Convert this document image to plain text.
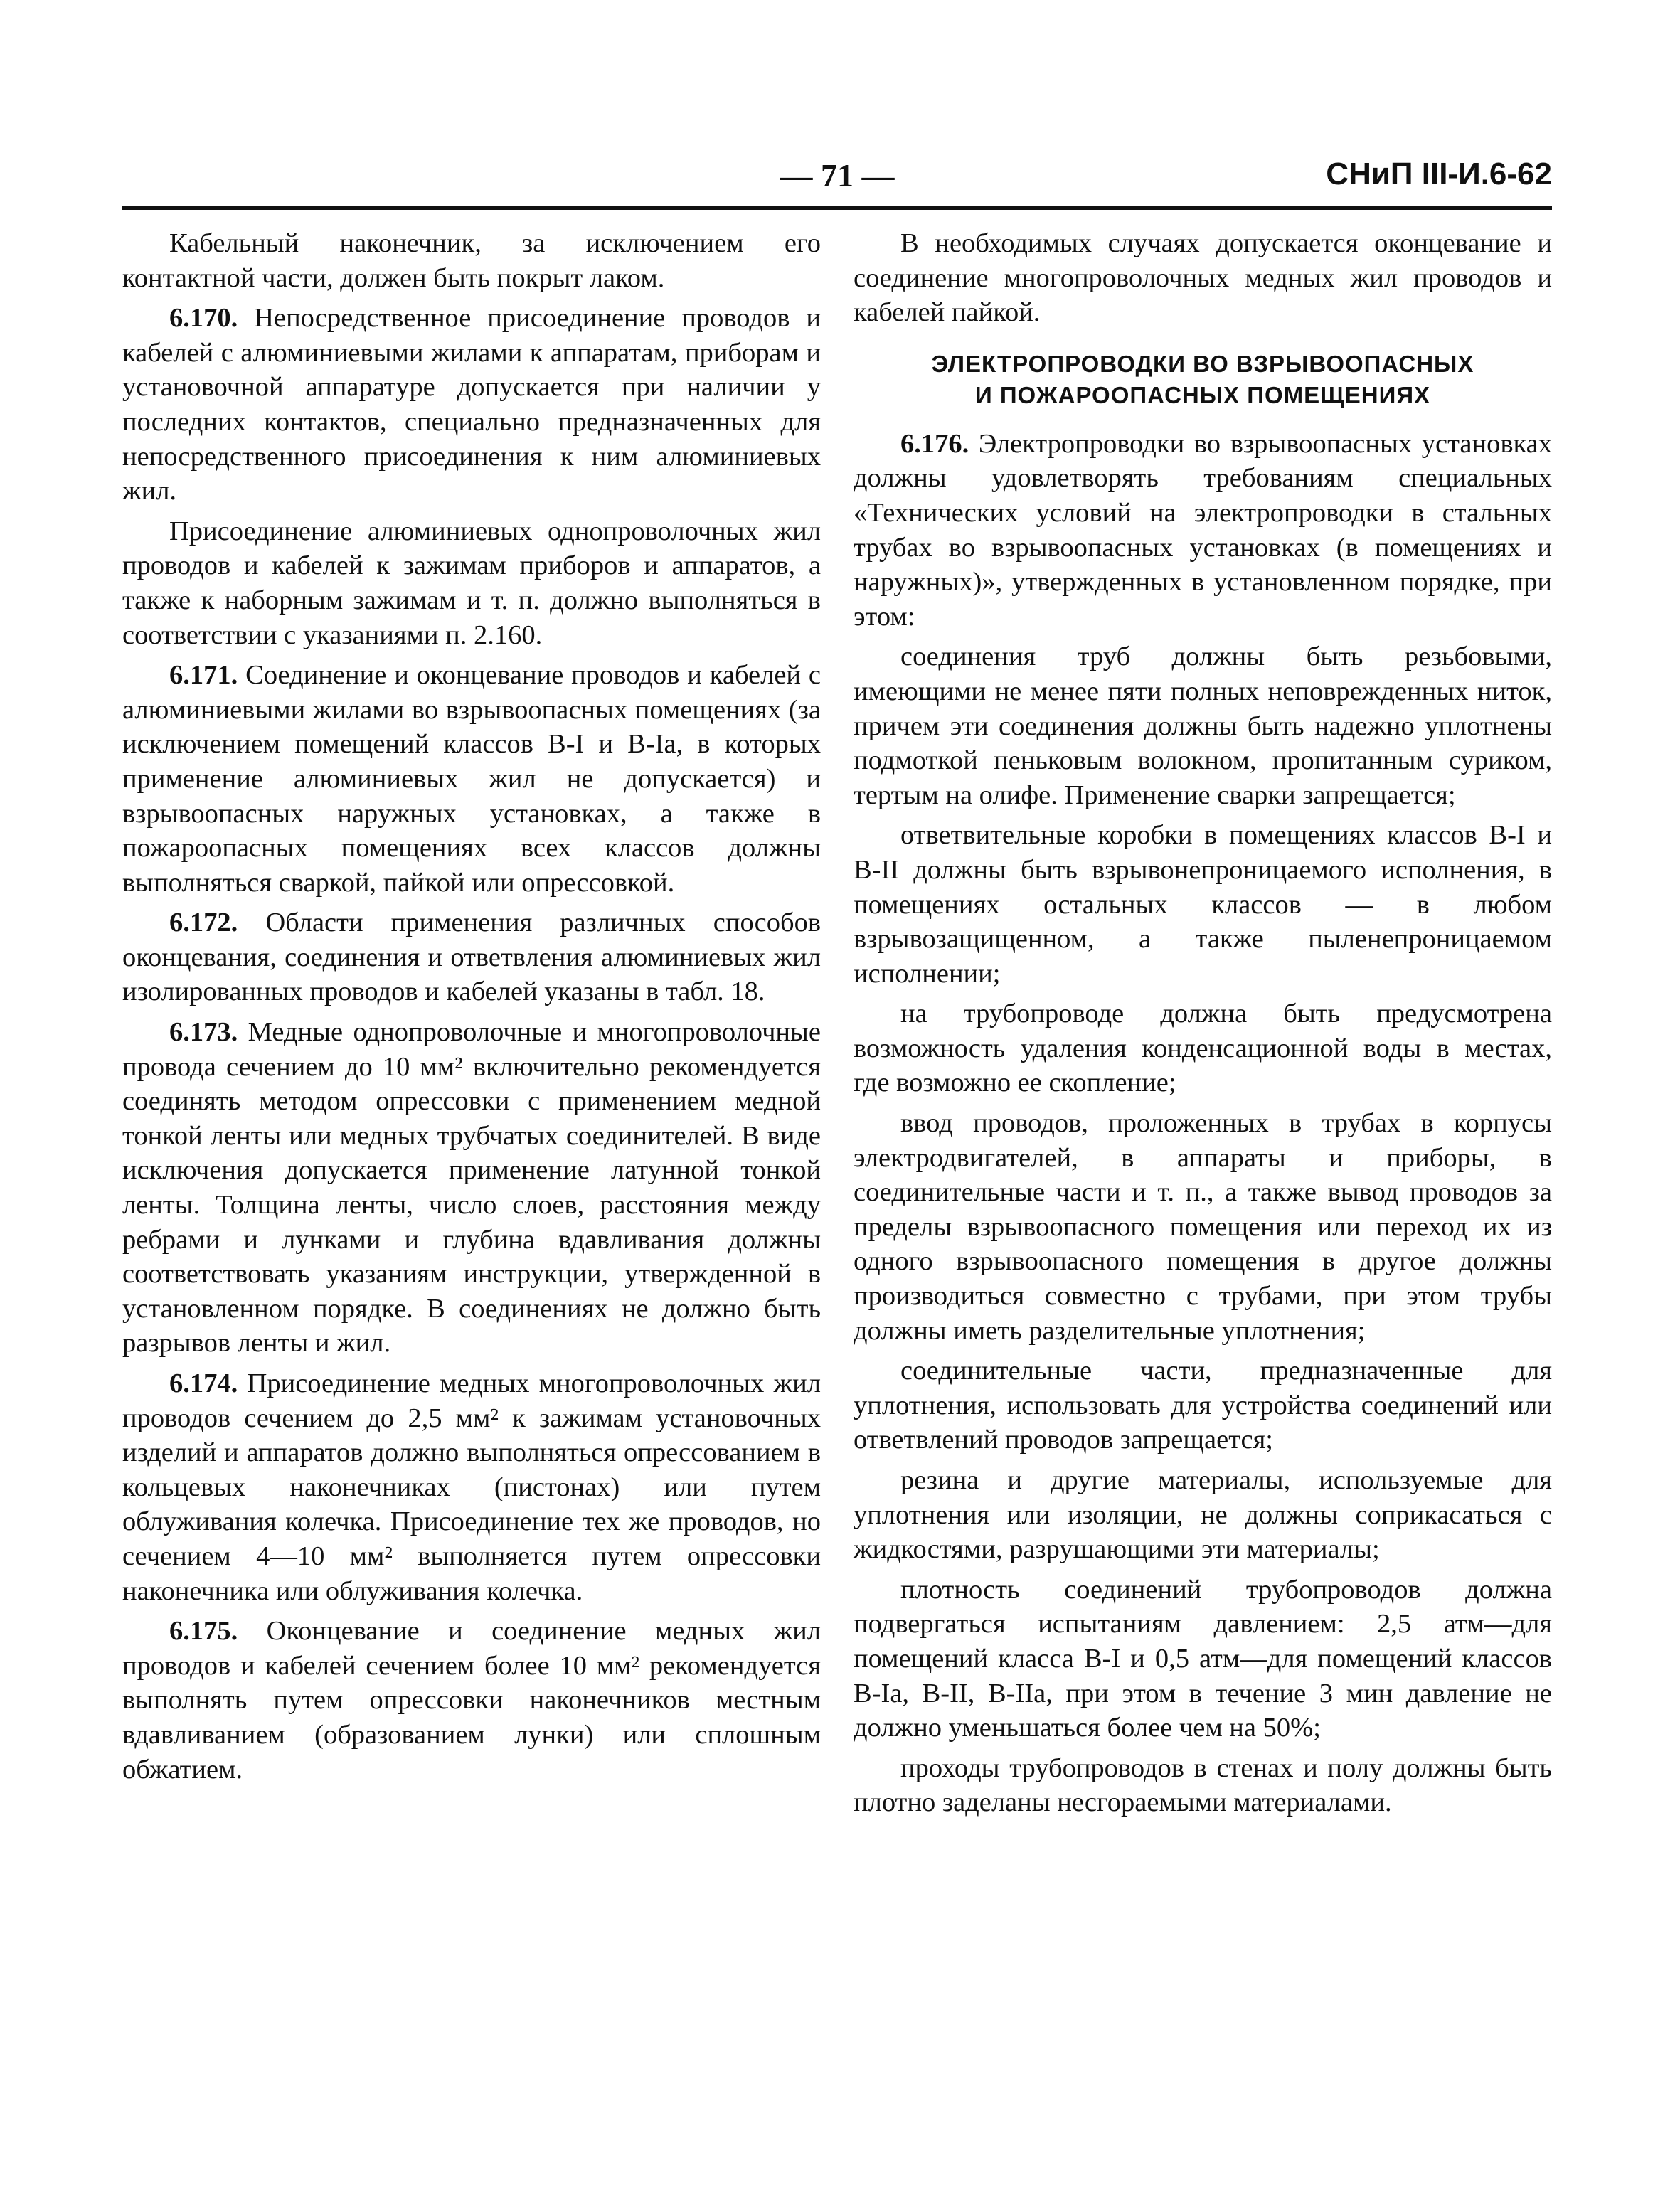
— 71 —	СНиП III-И.6-62

Кабельный наконечник, за исключением его контактной части, должен быть покрыт лаком.

6.170. Непосредственное присоединение проводов и кабелей с алюминиевыми жилами к аппаратам, приборам и установочной аппаратуре допускается при наличии у последних контактов, специально предназначенных для непосредственного присоединения к ним алюминиевых жил.

Присоединение алюминиевых однопроволочных жил проводов и кабелей к зажимам приборов и аппаратов, а также к наборным зажимам и т. п. должно выполняться в соответствии с указаниями п. 2.160.

6.171. Соединение и оконцевание проводов и кабелей с алюминиевыми жилами во взрывоопасных помещениях (за исключением помещений классов В-I и В-Iа, в которых применение алюминиевых жил не допускается) и взрывоопасных наружных установках, а также в пожароопасных помещениях всех классов должны выполняться сваркой, пайкой или опрессовкой.

6.172. Области применения различных способов оконцевания, соединения и ответвления алюминиевых жил изолированных проводов и кабелей указаны в табл. 18.

6.173. Медные однопроволочные и многопроволочные провода сечением до 10 мм² включительно рекомендуется соединять методом опрессовки с применением медной тонкой ленты или медных трубчатых соединителей. В виде исключения допускается применение латунной тонкой ленты. Толщина ленты, число слоев, расстояния между ребрами и лунками и глубина вдавливания должны соответствовать указаниям инструкции, утвержденной в установленном порядке. В соединениях не должно быть разрывов ленты и жил.

6.174. Присоединение медных многопроволочных жил проводов сечением до 2,5 мм² к зажимам установочных изделий и аппаратов должно выполняться опрессованием в кольцевых наконечниках (пистонах) или путем облуживания колечка. Присоединение тех же проводов, но сечением 4—10 мм² выполняется путем опрессовки наконечника или облуживания колечка.

6.175. Оконцевание и соединение медных жил проводов и кабелей сечением более 10 мм² рекомендуется выполнять путем опрессовки наконечников местным вдавливанием (образованием лунки) или сплошным обжатием.

В необходимых случаях допускается оконцевание и соединение многопроволочных медных жил проводов и кабелей пайкой.

ЭЛЕКТРОПРОВОДКИ ВО ВЗРЫВООПАСНЫХ
И ПОЖАРООПАСНЫХ ПОМЕЩЕНИЯХ

6.176. Электропроводки во взрывоопасных установках должны удовлетворять требованиям специальных «Технических условий на электропроводки в стальных трубах во взрывоопасных установках (в помещениях и наружных)», утвержденных в установленном порядке, при этом:

соединения труб должны быть резьбовыми, имеющими не менее пяти полных неповрежденных ниток, причем эти соединения должны быть надежно уплотнены подмоткой пеньковым волокном, пропитанным суриком, тертым на олифе. Применение сварки запрещается;

ответвительные коробки в помещениях классов В-I и В-II должны быть взрывонепроницаемого исполнения, в помещениях остальных классов — в любом взрывозащищенном, а также пыленепроницаемом исполнении;

на трубопроводе должна быть предусмотрена возможность удаления конденсационной воды в местах, где возможно ее скопление;

ввод проводов, проложенных в трубах в корпусы электродвигателей, в аппараты и приборы, в соединительные части и т. п., а также вывод проводов за пределы взрывоопасного помещения или переход их из одного взрывоопасного помещения в другое должны производиться совместно с трубами, при этом трубы должны иметь разделительные уплотнения;

соединительные части, предназначенные для уплотнения, использовать для устройства соединений или ответвлений проводов запрещается;

резина и другие материалы, используемые для уплотнения или изоляции, не должны соприкасаться с жидкостями, разрушающими эти материалы;

плотность соединений трубопроводов должна подвергаться испытаниям давлением: 2,5 атм—для помещений класса В-I и 0,5 атм—для помещений классов В-Iа, В-II, В-IIа, при этом в течение 3 мин давление не должно уменьшаться более чем на 50%;

проходы трубопроводов в стенах и полу должны быть плотно заделаны несгораемыми материалами.
